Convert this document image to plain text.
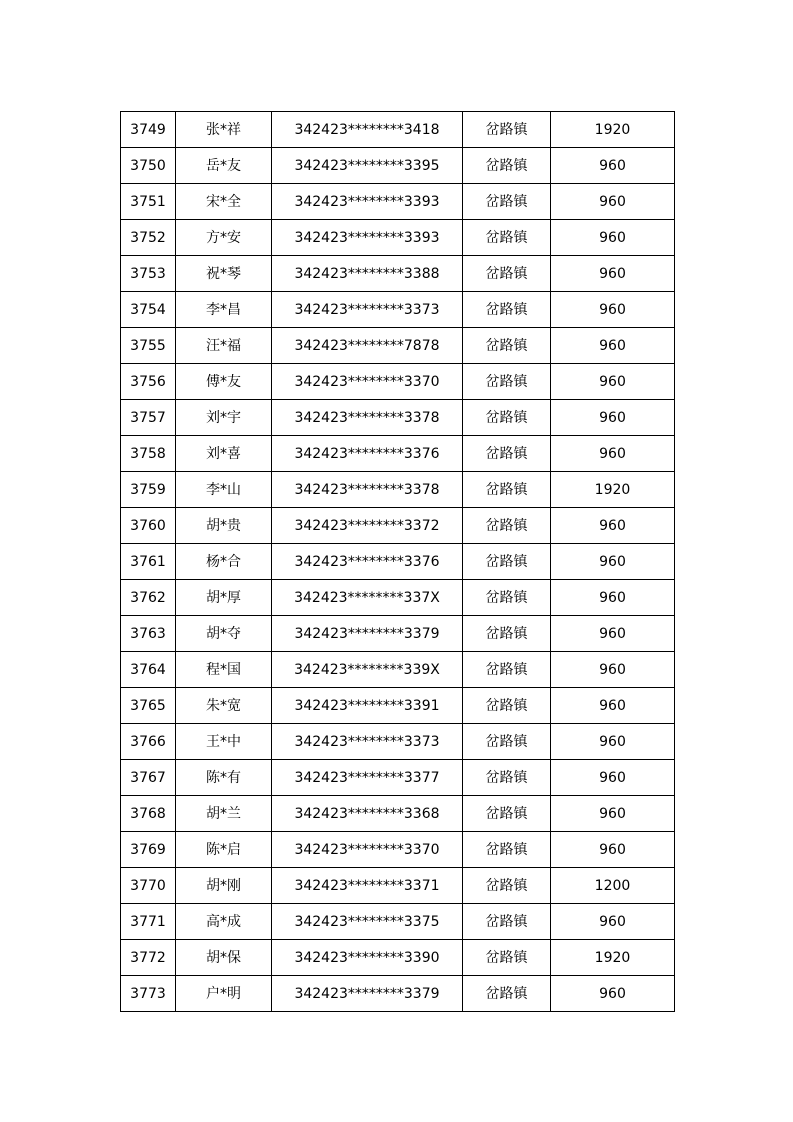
3749	张*祥	342423********3418	岔路镇	1920
3750	岳*友	342423********3395	岔路镇	960
3751	宋*全	342423********3393	岔路镇	960
3752	方*安	342423********3393	岔路镇	960
3753	祝*琴	342423********3388	岔路镇	960
3754	李*昌	342423********3373	岔路镇	960
3755	汪*福	342423********7878	岔路镇	960
3756	傅*友	342423********3370	岔路镇	960
3757	刘*宇	342423********3378	岔路镇	960
3758	刘*喜	342423********3376	岔路镇	960
3759	李*山	342423********3378	岔路镇	1920
3760	胡*贵	342423********3372	岔路镇	960
3761	杨*合	342423********3376	岔路镇	960
3762	胡*厚	342423********337X	岔路镇	960
3763	胡*夺	342423********3379	岔路镇	960
3764	程*国	342423********339X	岔路镇	960
3765	朱*宽	342423********3391	岔路镇	960
3766	王*中	342423********3373	岔路镇	960
3767	陈*有	342423********3377	岔路镇	960
3768	胡*兰	342423********3368	岔路镇	960
3769	陈*启	342423********3370	岔路镇	960
3770	胡*刚	342423********3371	岔路镇	1200
3771	高*成	342423********3375	岔路镇	960
3772	胡*保	342423********3390	岔路镇	1920
3773	户*明	342423********3379	岔路镇	960
